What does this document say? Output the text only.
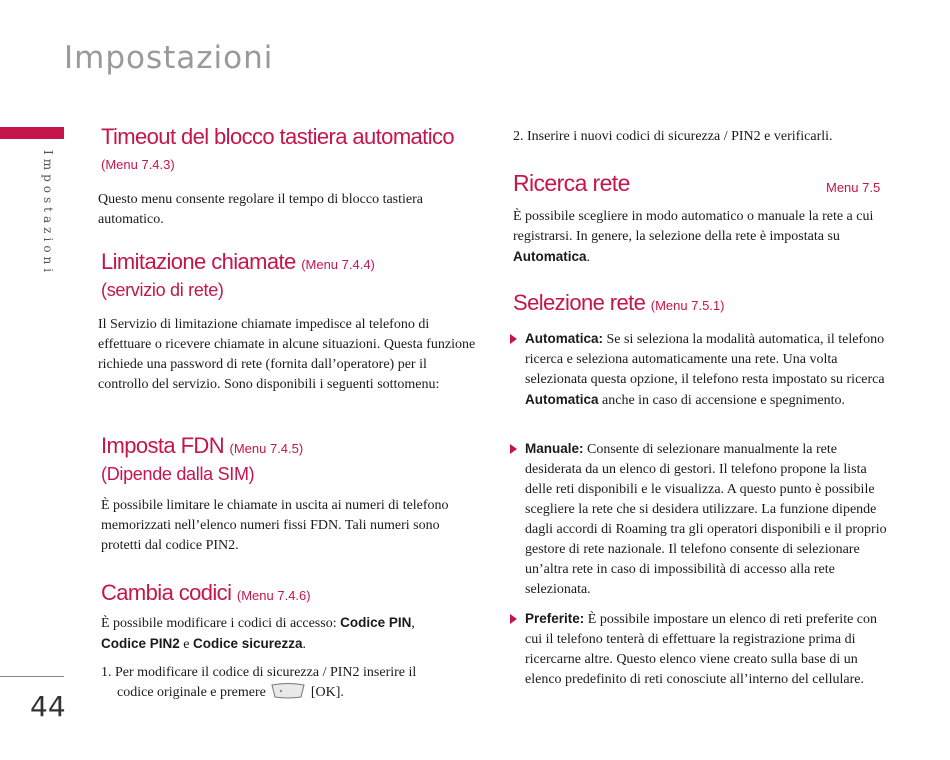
Impostazioni
Impostazioni
44
Timeout del blocco tastiera automatico
(Menu 7.4.3)
Questo menu consente regolare il tempo di blocco tastiera automatico.
Limitazione chiamate (Menu 7.4.4)
(servizio di rete)
Il Servizio di limitazione chiamate impedisce al telefono di effettuare o ricevere chiamate in alcune situazioni. Questa funzione richiede una password di rete (fornita dall’operatore) per il controllo del servizio. Sono disponibili i seguenti sottomenu:
Imposta FDN (Menu 7.4.5)
(Dipende dalla SIM)
È possibile limitare le chiamate in uscita ai numeri di telefono memorizzati nell’elenco numeri fissi FDN. Tali numeri sono protetti dal codice PIN2.
Cambia codici (Menu 7.4.6)
È possibile modificare i codici di accesso: Codice PIN,
Codice PIN2 e Codice sicurezza.
1. Per modificare il codice di sicurezza / PIN2 inserire il
codice originale e premere	[OK].
2. Inserire i nuovi codici di sicurezza / PIN2 e verificarli.
Ricerca rete	Menu 7.5
È possibile scegliere in modo automatico o manuale la rete a cui registrarsi. In genere, la selezione della rete è impostata su Automatica.
Selezione rete (Menu 7.5.1)
Automatica: Se si seleziona la modalità automatica, il telefono ricerca e seleziona automaticamente una rete. Una volta selezionata questa opzione, il telefono resta impostato su ricerca Automatica anche in caso di accensione e spegnimento.
Manuale: Consente di selezionare manualmente la rete desiderata da un elenco di gestori. Il telefono propone la lista delle reti disponibili e le visualizza. A questo punto è possibile scegliere la rete che si desidera utilizzare. La funzione dipende dagli accordi di Roaming tra gli operatori disponibili e il proprio gestore di rete nazionale. Il telefono consente di selezionare un’altra rete in caso di impossibilità di accesso alla rete selezionata.
Preferite: È possibile impostare un elenco di reti preferite con cui il telefono tenterà di effettuare la registrazione prima di ricercarne altre. Questo elenco viene creato sulla base di un elenco predefinito di reti conosciute all’interno del cellulare.
